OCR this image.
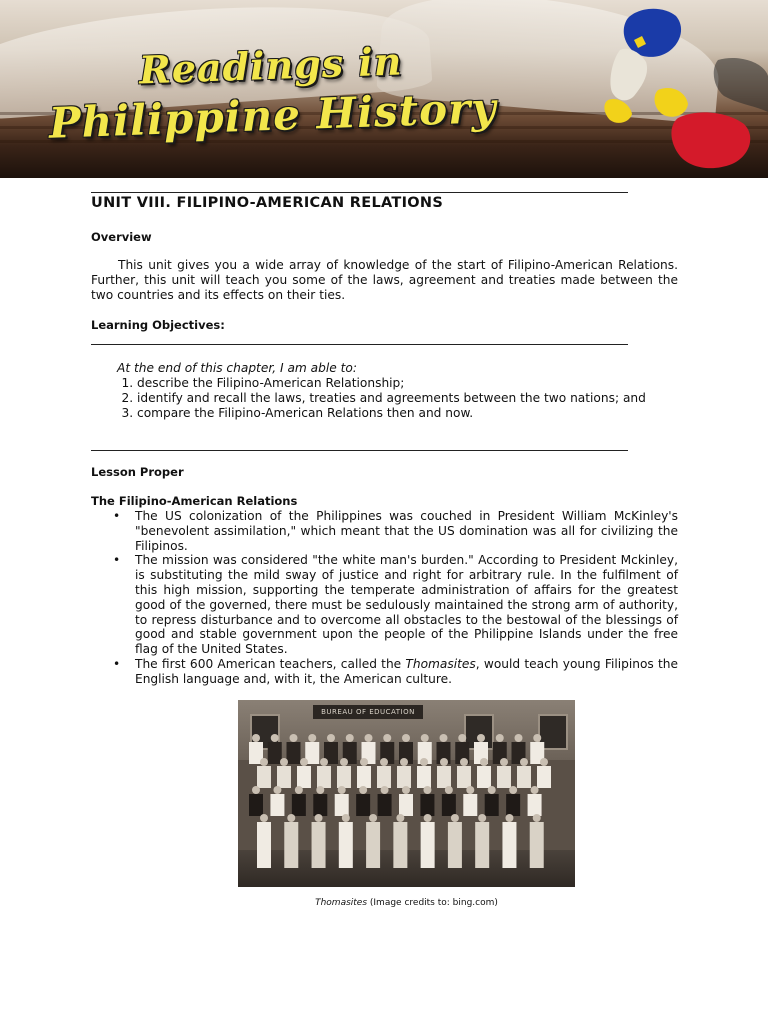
Readings in
Philippine History
UNIT VIII. FILIPINO-AMERICAN RELATIONS
Overview
This unit gives you a wide array of knowledge of the start of Filipino-American Relations. Further, this unit will teach you some of the laws, agreement and treaties made between the two countries and its effects on their ties.
Learning Objectives:
At the end of this chapter, I am able to:
1. describe the Filipino-American Relationship;
2. identify and recall the laws, treaties and agreements between the two nations; and
3. compare the Filipino-American Relations then and now.
Lesson Proper
The Filipino-American Relations
• The US colonization of the Philippines was couched in President William McKinley's "benevolent assimilation," which meant that the US domination was all for civilizing the Filipinos.
• The mission was considered "the white man's burden." According to President Mckinley, is substituting the mild sway of justice and right for arbitrary rule. In the fulfilment of this high mission, supporting the temperate administration of affairs for the greatest good of the governed, there must be sedulously maintained the strong arm of authority, to repress disturbance and to overcome all obstacles to the bestowal of the blessings of good and stable government upon the people of the Philippine Islands under the free flag of the United States.
• The first 600 American teachers, called the Thomasites, would teach young Filipinos the English language and, with it, the American culture.
BUREAU OF EDUCATION
Thomasites (Image credits to: bing.com)
